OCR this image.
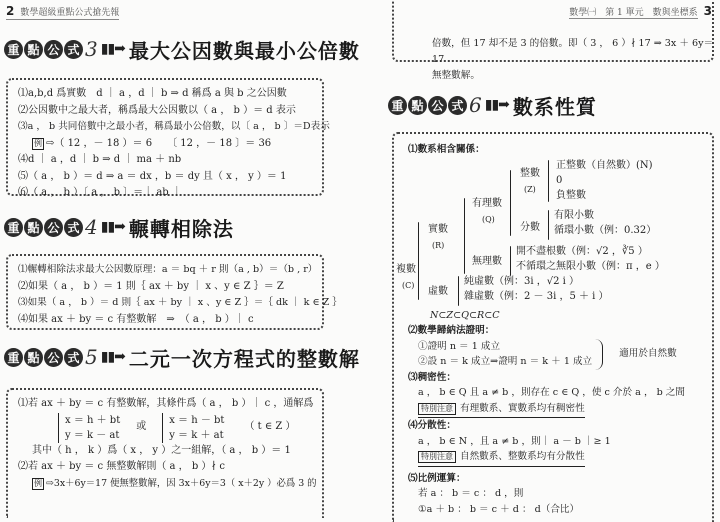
2 數學超級重點公式搶先報
重 點 公 式 3 ▮▮➡ 最大公因數與最小公倍數
⑴a,b,d 爲實數　d ｜ a ，d ｜ b ⇒ d 稱爲 a 與 b 之公因數
⑵公因數中之最大者，稱爲最大公因數以（ a ， b ）＝ d 表示
⑶a ， b 共同倍數中之最小者，稱爲最小公倍數，以〔 a ， b 〕＝D表示
例 ⇨（ 12 ，－ 18 ）＝ 6　　〔 12 ，－ 18 〕＝ 36
⑷d ｜ a ，d ｜ b ⇒ d ｜ ma ＋ nb
⑸（ a ， b ）＝ d ⇒ a ＝ dx ，b ＝ dy 且（ x ， y ）＝ 1
⑹（ a ， b ）〔 a ， b 〕＝｜ ab ｜
重 點 公 式 4 ▮▮➡ 輾轉相除法
⑴輾轉相除法求最大公因數原理：a ＝ bq ＋ r 則（a , b）＝（b , r）
⑵如果（ a ， b ）＝ 1 則｛ ax ＋ by ｜ x 、y ∈ Z ｝＝ Z
⑶如果（ a ， b ）＝ d 則｛ ax ＋ by ｜ x 、y ∈ Z ｝＝｛ dk ｜ k ∈ Z ｝
⑷如果 ax ＋ by ＝ c 有整數解　⇒　（ a ， b ）｜ c
重 點 公 式 5 ▮▮➡ 二元一次方程式的整數解
⑴若 ax ＋ by ＝ c 有整數解，其條件爲（ a ， b ）｜ c ，通解爲
x ＝ h ＋ bt
y ＝ k － at
或
x ＝ h － bt
y ＝ k ＋ at
（ t ∈ Z ）
其中（ h ， k ）爲（ x ， y ）之一組解，（ a ， b ）＝ 1
⑵若 ax ＋ by ＝ c 無整數解則（ a ， b ）∤ c
例 ⇨3x＋6y＝17 便無整數解，因 3x＋6y＝3（ x＋2y ）必爲 3 的
數學㈠　第 1 單元　數與坐標系 3
倍數，但 17 却不是 3 的倍數。即（ 3 ， 6 ）∤ 17 ⇒ 3x ＋ 6y＝17
無整數解。
重 點 公 式 6 ▮▮➡ 數系性質
⑴數系相含關係：
正整數（自然數）(N)
0
負整數
整數
(Z)
分數
有限小數
循環小數（例：0.32）
有理數
(Q)
無理數
開不盡根數（例：√2 ，∛5 ）
不循環之無限小數（例：π ，e ）
實數
(R)
複數
(C)
虛數
純虛數（例：3i ，√2 i ）
雜虛數（例：2 － 3i ，5 ＋ i ）
N⊂Z⊂Q⊂R⊂C
⑵數學歸納法證明：
①證明 n ＝ 1 成立
②設 n ＝ k 成立⇒證明 n ＝ k ＋ 1 成立
適用於自然數
⑶稠密性：
a ， b ∈ Q 且 a ≠ b ，則存在 c ∈ Q ，使 c 介於 a ， b 之間
特別注意 有理數系、實數系均有稠密性
⑷分散性：
a ， b ∈ N ，且 a ≠ b ，則｜ a － b ｜≥ 1
特別注意 自然數系、整數系均有分散性
⑸比例運算：
若 a ： b ＝ c ： d ，則
①a ＋ b ： b ＝ c ＋ d ： d（合比）
